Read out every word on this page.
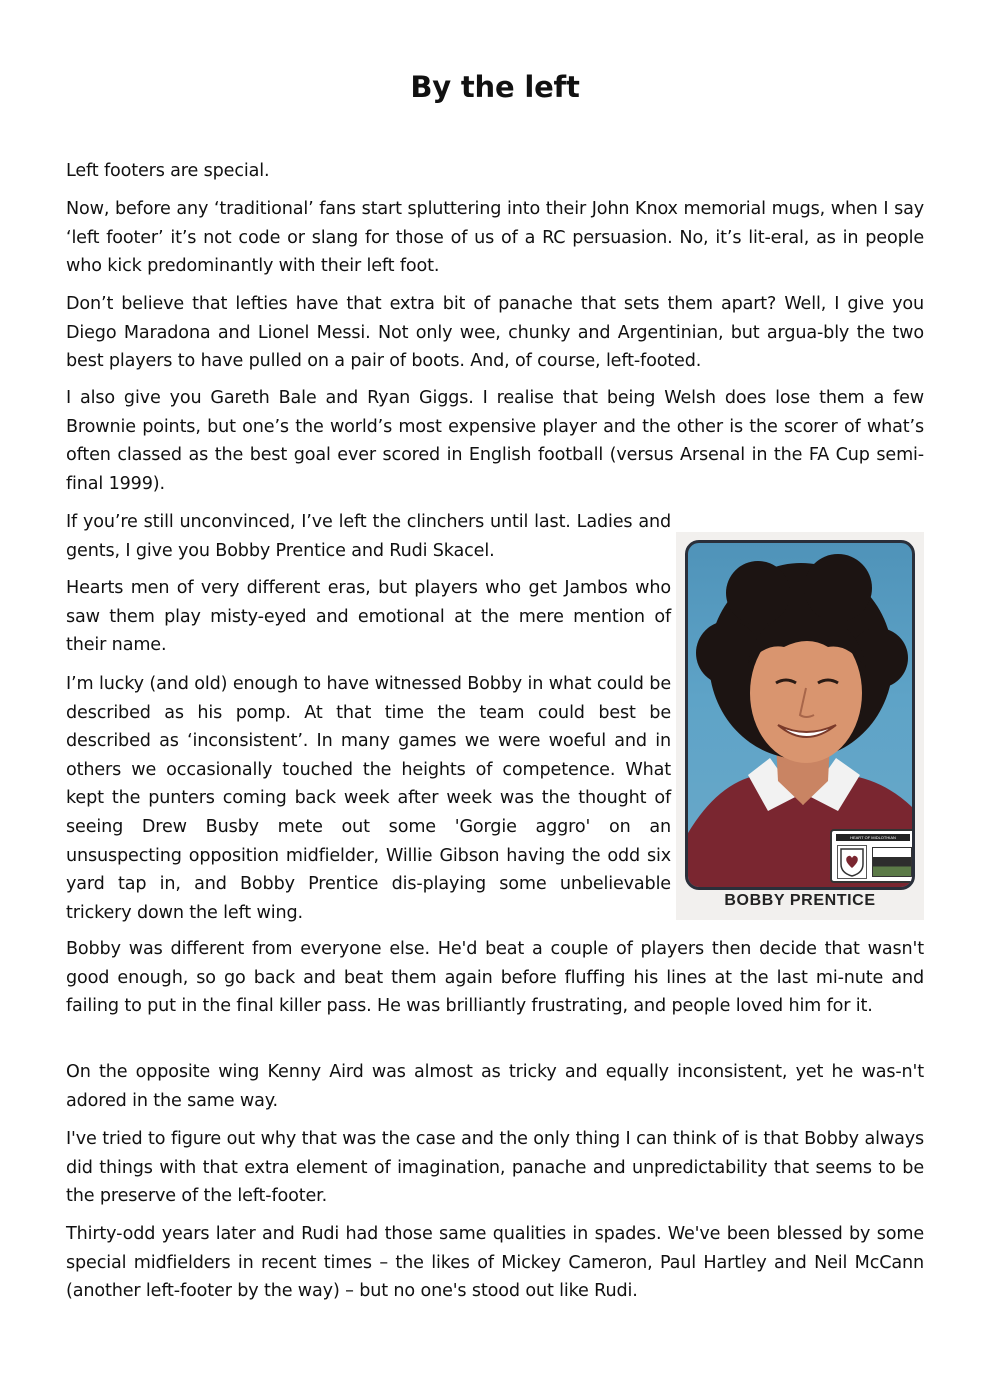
By the left

Left footers are special.

Now, before any ‘traditional’ fans start spluttering into their John Knox memorial mugs, when I say ‘left footer’ it’s not code or slang for those of us of a RC persuasion. No, it’s lit-eral, as in people who kick predominantly with their left foot.

Don’t believe that lefties have that extra bit of panache that sets them apart? Well, I give you Diego Maradona and Lionel Messi. Not only wee, chunky and Argentinian, but argua-bly the two best players to have pulled on a pair of boots. And, of course, left-footed.

I also give you Gareth Bale and Ryan Giggs. I realise that being Welsh does lose them a few Brownie points, but one’s the world’s most expensive player and the other is the scorer of what’s often classed as the best goal ever scored in English football (versus Arsenal in the FA Cup semi-final 1999).

If you’re still unconvinced, I’ve left the clinchers until last. Ladies and gents, I give you Bobby Prentice and Rudi Skacel.

Hearts men of very different eras, but players who get Jambos who saw them play misty-eyed and emotional at the mere mention of their name.

I’m lucky (and old) enough to have witnessed Bobby in what could be described as his pomp. At that time the team could best be described as ‘inconsistent’. In many games we were woeful and in others we occasionally touched the heights of competence. What kept the punters coming back week after week was the thought of seeing Drew Busby mete out some 'Gorgie aggro' on an unsuspecting opposition midfielder, Willie Gibson having the odd six yard tap in, and Bobby Prentice dis-playing some unbelievable trickery down the left wing.

Bobby was different from everyone else. He'd beat a couple of players then decide that wasn't good enough, so go back and beat them again before fluffing his lines at the last mi-nute and failing to put in the final killer pass. He was brilliantly frustrating, and people loved him for it.

On the opposite wing Kenny Aird was almost as tricky and equally inconsistent, yet he was-n't adored in the same way.

I've tried to figure out why that was the case and the only thing I can think of is that Bobby always did things with that extra element of imagination, panache and unpredictability that seems to be the preserve of the left-footer.

Thirty-odd years later and Rudi had those same qualities in spades. We've been blessed by some special midfielders in recent times – the likes of Mickey Cameron, Paul Hartley and Neil McCann (another left-footer by the way) – but no one's stood out like Rudi.

HEART OF MIDLOTHIAN
BOBBY PRENTICE
